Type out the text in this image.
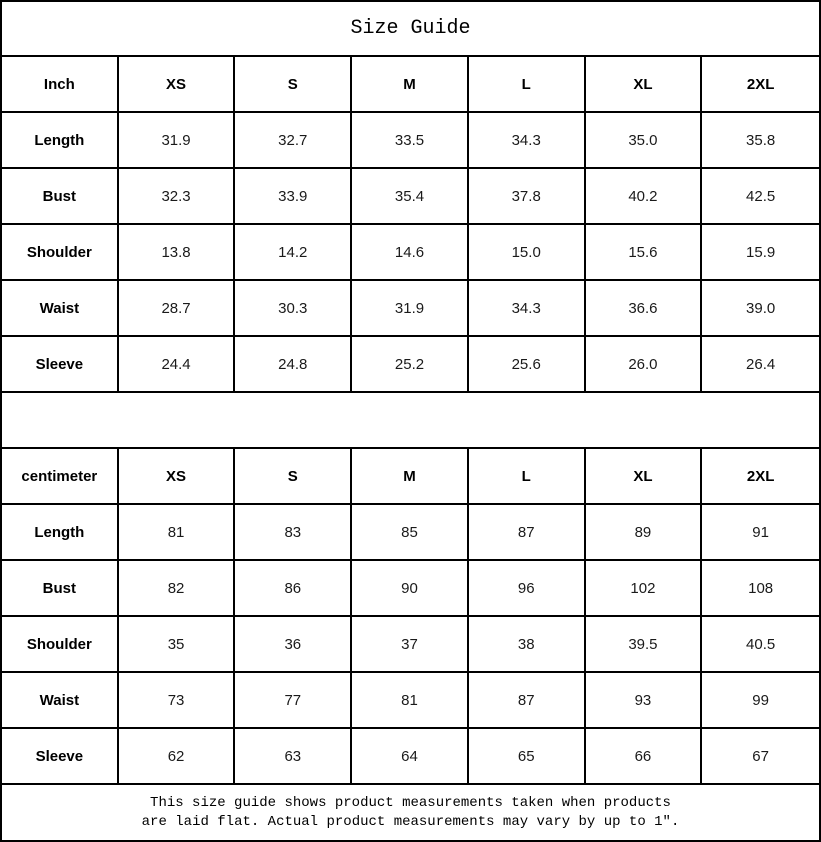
Size Guide
Inch	XS	S	M	L	XL	2XL
Length	31.9	32.7	33.5	34.3	35.0	35.8
Bust	32.3	33.9	35.4	37.8	40.2	42.5
Shoulder	13.8	14.2	14.6	15.0	15.6	15.9
Waist	28.7	30.3	31.9	34.3	36.6	39.0
Sleeve	24.4	24.8	25.2	25.6	26.0	26.4
centimeter	XS	S	M	L	XL	2XL
Length	81	83	85	87	89	91
Bust	82	86	90	96	102	108
Shoulder	35	36	37	38	39.5	40.5
Waist	73	77	81	87	93	99
Sleeve	62	63	64	65	66	67
This size guide shows product measurements taken when products
are laid flat. Actual product measurements may vary by up to 1″.
